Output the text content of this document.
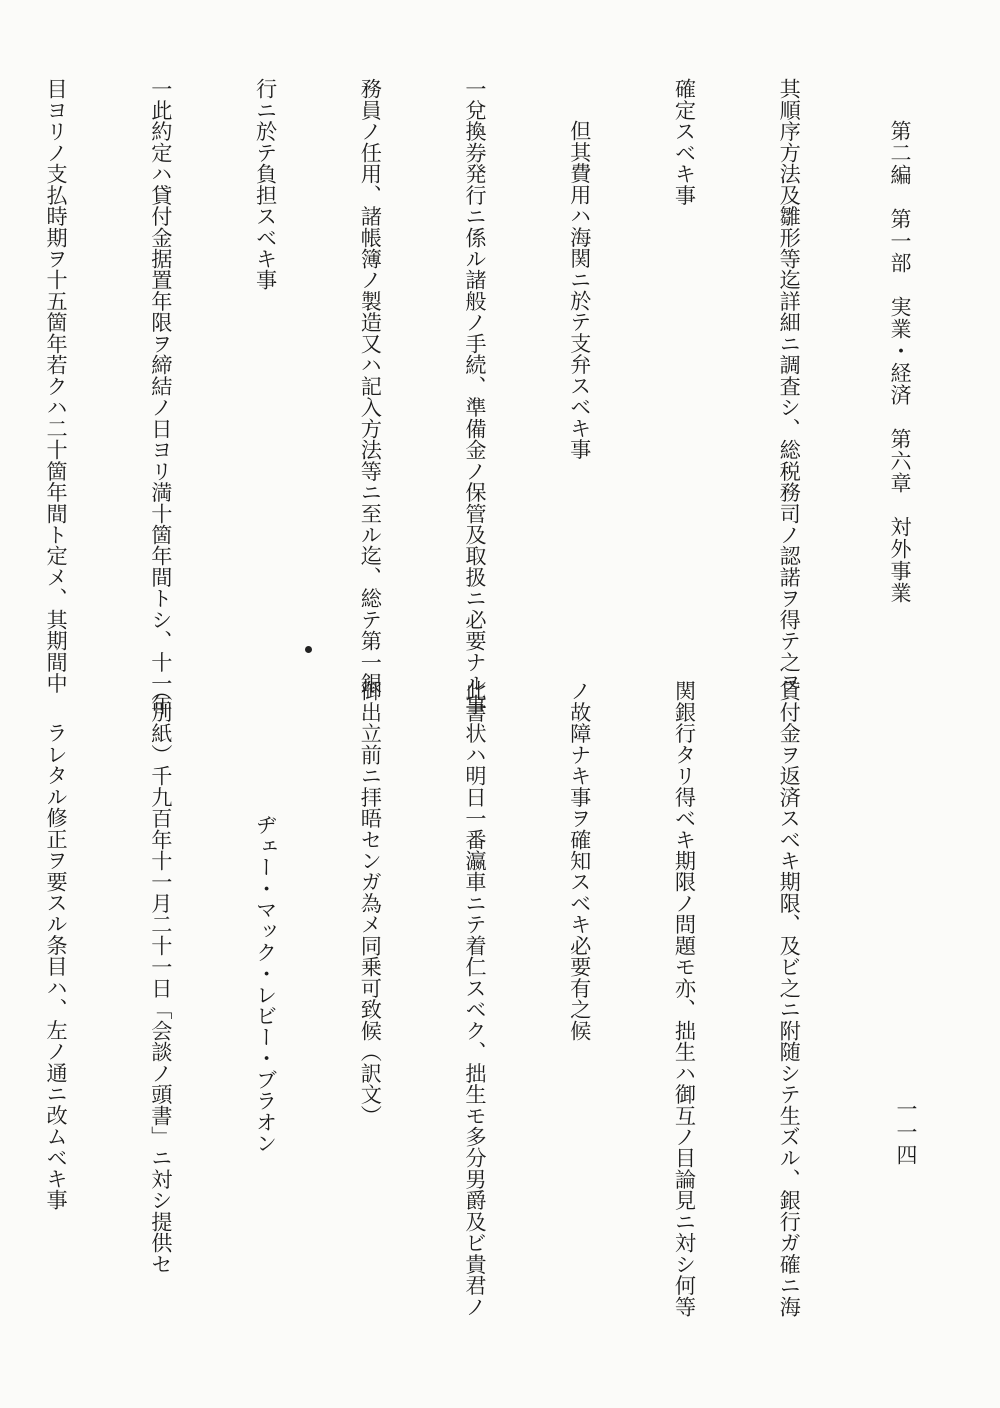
第二編　第一部　実業・経済　第六章　対外事業
一一四

其順序方法及雛形等迄詳細ニ調査シ、総税務司ノ認諾ヲ得テ之ヲ

確定スベキ事

但其費用ハ海関ニ於テ支弁スベキ事

一兌換券発行ニ係ル諸般ノ手続、準備金ノ保管及取扱ニ必要ナル事

務員ノ任用、諸帳簿ノ製造又ハ記入方法等ニ至ル迄、総テ第一銀

行ニ於テ負担スベキ事

一此約定ハ貸付金据置年限ヲ締結ノ日ヨリ満十箇年間トシ、十一年

目ヨリノ支払時期ヲ十五箇年若クハ二十箇年間ト定メ、其期間中

貸付金ヲ返済スベキ期限、及ビ之ニ附随シテ生ズル、銀行ガ確ニ海

関銀行タリ得ベキ期限ノ問題モ亦、拙生ハ御互ノ目論見ニ対シ何等

ノ故障ナキ事ヲ確知スベキ必要有之候

此書状ハ明日一番瀛車ニテ着仁スベク、拙生モ多分男爵及ビ貴君ノ

御出立前ニ拝晤センガ為メ同乗可致候（訳文）

ヂェー・マック・レビー・ブラオン

（別紙）千九百年十一月二十一日「会談ノ頭書」ニ対シ提供セ

ラレタル修正ヲ要スル条目ハ、左ノ通ニ改ムベキ事
